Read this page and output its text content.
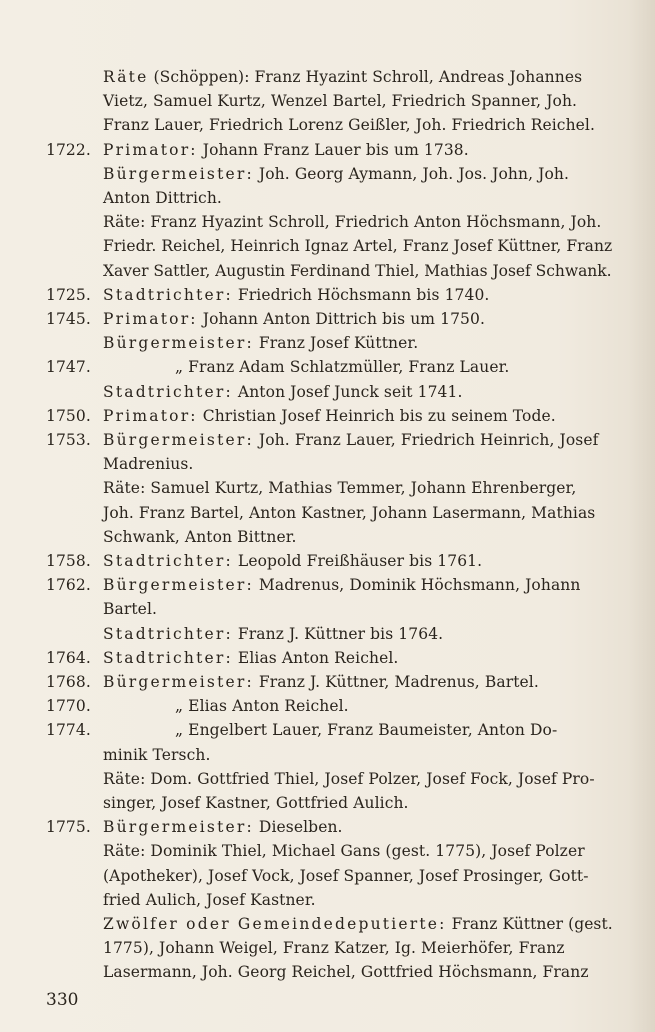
Räte (Schöppen): Franz Hyazint Schroll, Andreas Johannes
Vietz, Samuel Kurtz, Wenzel Bartel, Friedrich Spanner, Joh.
Franz Lauer, Friedrich Lorenz Geißler, Joh. Friedrich Reichel.
1722. Primator: Johann Franz Lauer bis um 1738.
Bürgermeister: Joh. Georg Aymann, Joh. Jos. John, Joh.
Anton Dittrich.
Räte: Franz Hyazint Schroll, Friedrich Anton Höchsmann, Joh.
Friedr. Reichel, Heinrich Ignaz Artel, Franz Josef Küttner, Franz
Xaver Sattler, Augustin Ferdinand Thiel, Mathias Josef Schwank.
1725. Stadtrichter: Friedrich Höchsmann bis 1740.
1745. Primator: Johann Anton Dittrich bis um 1750.
Bürgermeister: Franz Josef Küttner.
1747.	„ Franz Adam Schlatzmüller, Franz Lauer.
Stadtrichter: Anton Josef Junck seit 1741.
1750. Primator: Christian Josef Heinrich bis zu seinem Tode.
1753. Bürgermeister: Joh. Franz Lauer, Friedrich Heinrich, Josef
Madrenius.
Räte: Samuel Kurtz, Mathias Temmer, Johann Ehrenberger,
Joh. Franz Bartel, Anton Kastner, Johann Lasermann, Mathias
Schwank, Anton Bittner.
1758. Stadtrichter: Leopold Freißhäuser bis 1761.
1762. Bürgermeister: Madrenus, Dominik Höchsmann, Johann
Bartel.
Stadtrichter: Franz J. Küttner bis 1764.
1764. Stadtrichter: Elias Anton Reichel.
1768. Bürgermeister: Franz J. Küttner, Madrenus, Bartel.
1770.	„ Elias Anton Reichel.
1774.	„ Engelbert Lauer, Franz Baumeister, Anton Do-
minik Tersch.
Räte: Dom. Gottfried Thiel, Josef Polzer, Josef Fock, Josef Pro-
singer, Josef Kastner, Gottfried Aulich.
1775. Bürgermeister: Dieselben.
Räte: Dominik Thiel, Michael Gans (gest. 1775), Josef Polzer
(Apotheker), Josef Vock, Josef Spanner, Josef Prosinger, Gott-
fried Aulich, Josef Kastner.
Zwölfer oder Gemeindedeputierte: Franz Küttner (gest.
1775), Johann Weigel, Franz Katzer, Ig. Meierhöfer, Franz
Lasermann, Joh. Georg Reichel, Gottfried Höchsmann, Franz
330
